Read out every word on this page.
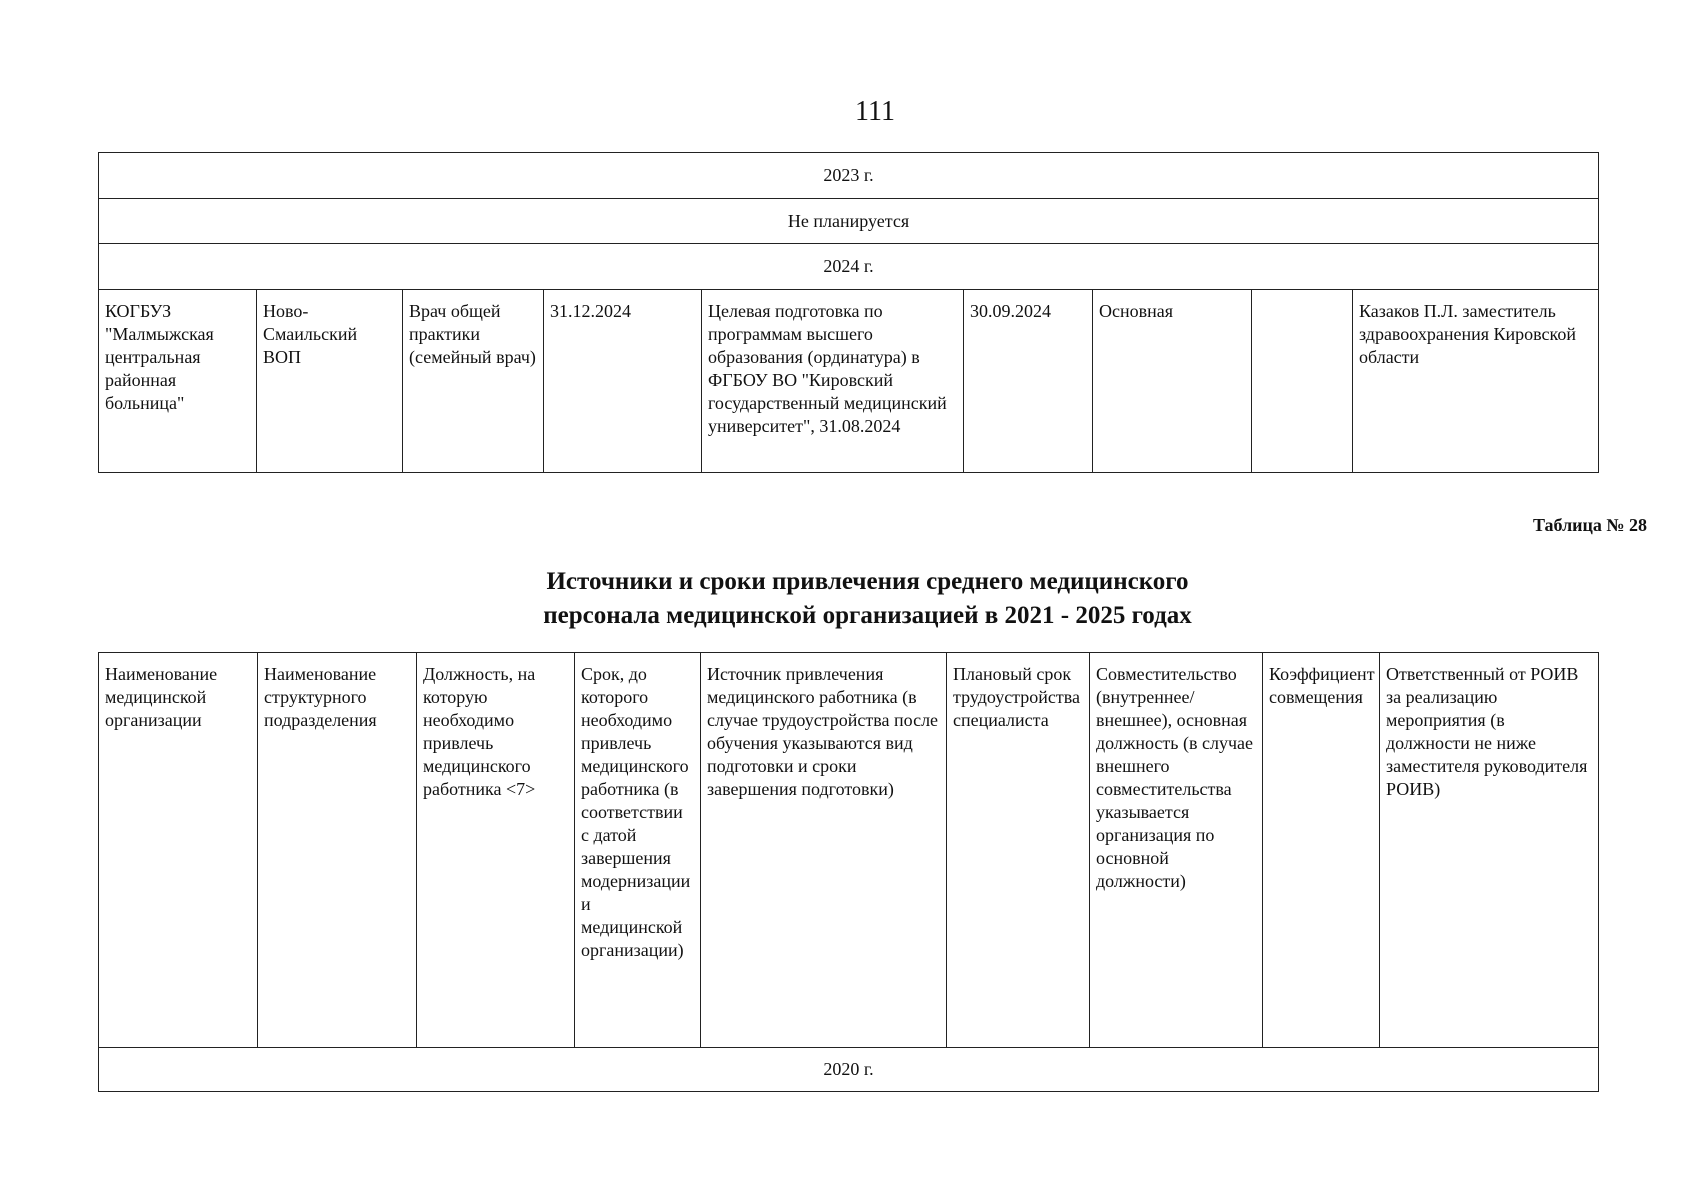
111
2023 г.
Не планируется
2024 г.
КОГБУЗ "Малмыжская центральная районная больница"	Ново-Смаильский ВОП	Врач общей практики (семейный врач)	31.12.2024	Целевая подготовка по программам высшего образования (ординатура) в ФГБОУ ВО "Кировский государственный медицинский университет", 31.08.2024	30.09.2024	Основная		Казаков П.Л. заместитель здравоохранения Кировской области
Таблица № 28
Источники и сроки привлечения среднего медицинского
персонала медицинской организацией в 2021 - 2025 годах
Наименование медицинской организации	Наименование структурного подразделения	Должность, на которую необходимо привлечь медицинского работника <7>	Срок, до которого необходимо привлечь медицинского работника (в соответствии с датой завершения модернизации и медицинской организации)	Источник привлечения медицинского работника (в случае трудоустройства после обучения указываются вид подготовки и сроки завершения подготовки)	Плановый срок трудоустройства специалиста	Совместительство (внутреннее/внешнее), основная должность (в случае внешнего совместительства указывается организация по основной должности)	Коэффициент совмещения	Ответственный от РОИВ за реализацию мероприятия (в должности не ниже заместителя руководителя РОИВ)
2020 г.
